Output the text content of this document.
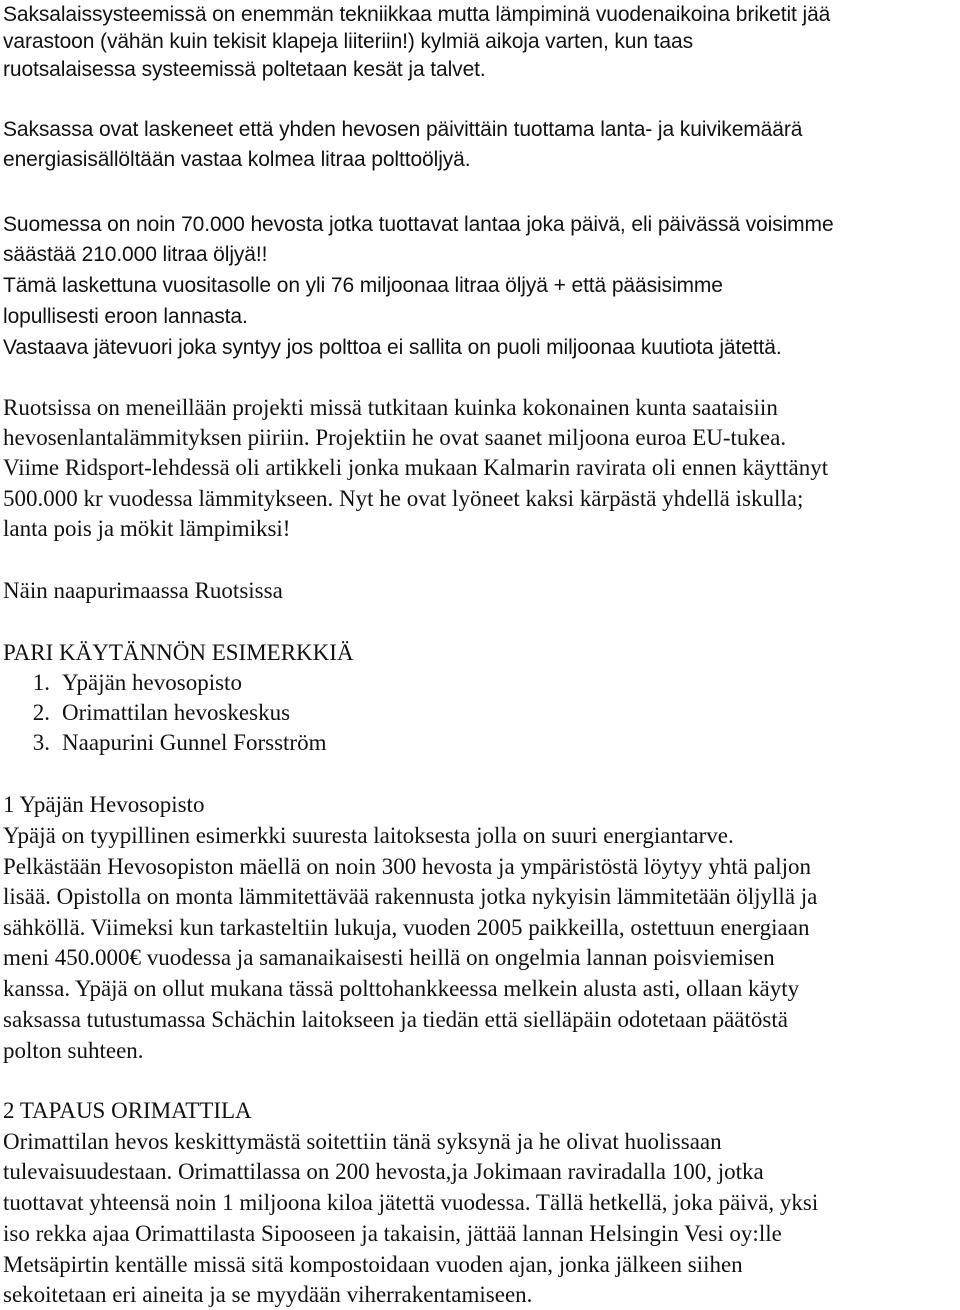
Saksalaissysteemissä on enemmän tekniikkaa mutta lämpiminä vuodenaikoina briketit jää
varastoon (vähän kuin tekisit klapeja liiteriin!) kylmiä aikoja varten, kun taas
ruotsalaisessa systeemissä poltetaan kesät ja talvet.
Saksassa ovat laskeneet että yhden hevosen päivittäin tuottama lanta- ja kuivikemäärä
energiasisällöltään vastaa kolmea litraa polttoöljyä.
Suomessa on noin 70.000 hevosta jotka tuottavat lantaa joka päivä, eli päivässä voisimme
säästää 210.000 litraa öljyä!!
Tämä laskettuna vuositasolle on yli 76 miljoonaa litraa öljyä + että pääsisimme
lopullisesti eroon lannasta.
Vastaava jätevuori joka syntyy jos polttoa ei sallita on puoli miljoonaa kuutiota jätettä.
Ruotsissa on meneillään projekti missä tutkitaan kuinka kokonainen kunta saataisiin
hevosenlantalämmityksen piiriin. Projektiin he ovat saanet miljoona euroa EU-tukea.
Viime Ridsport-lehdessä oli artikkeli jonka mukaan Kalmarin ravirata oli ennen käyttänyt
500.000 kr vuodessa lämmitykseen. Nyt he ovat lyöneet kaksi kärpästä yhdellä iskulla;
lanta pois ja mökit lämpimiksi!
Näin naapurimaassa Ruotsissa
PARI KÄYTÄNNÖN ESIMERKKIÄ
1. Ypäjän hevosopisto
2. Orimattilan hevoskeskus
3. Naapurini Gunnel Forsström
1 Ypäjän Hevosopisto
Ypäjä on tyypillinen esimerkki suuresta laitoksesta jolla on suuri energiantarve.
Pelkästään Hevosopiston mäellä on noin 300 hevosta ja ympäristöstä löytyy yhtä paljon
lisää. Opistolla on monta lämmitettävää rakennusta jotka nykyisin lämmitetään öljyllä ja
sähköllä. Viimeksi kun tarkasteltiin lukuja, vuoden 2005 paikkeilla, ostettuun energiaan
meni 450.000€ vuodessa ja samanaikaisesti heillä on ongelmia lannan poisviemisen
kanssa. Ypäjä on ollut mukana tässä polttohankkeessa melkein alusta asti, ollaan käyty
saksassa tutustumassa Schächin laitokseen ja tiedän että sielläpäin odotetaan päätöstä
polton suhteen.
2 TAPAUS ORIMATTILA
Orimattilan hevos keskittymästä soitettiin tänä syksynä ja he olivat huolissaan
tulevaisuudestaan. Orimattilassa on 200 hevosta,ja Jokimaan raviradalla 100, jotka
tuottavat yhteensä noin 1 miljoona kiloa jätettä vuodessa. Tällä hetkellä, joka päivä, yksi
iso rekka ajaa Orimattilasta Sipooseen ja takaisin, jättää lannan Helsingin Vesi oy:lle
Metsäpirtin kentälle missä sitä kompostoidaan vuoden ajan, jonka jälkeen siihen
sekoitetaan eri aineita ja se myydään viherrakentamiseen.
